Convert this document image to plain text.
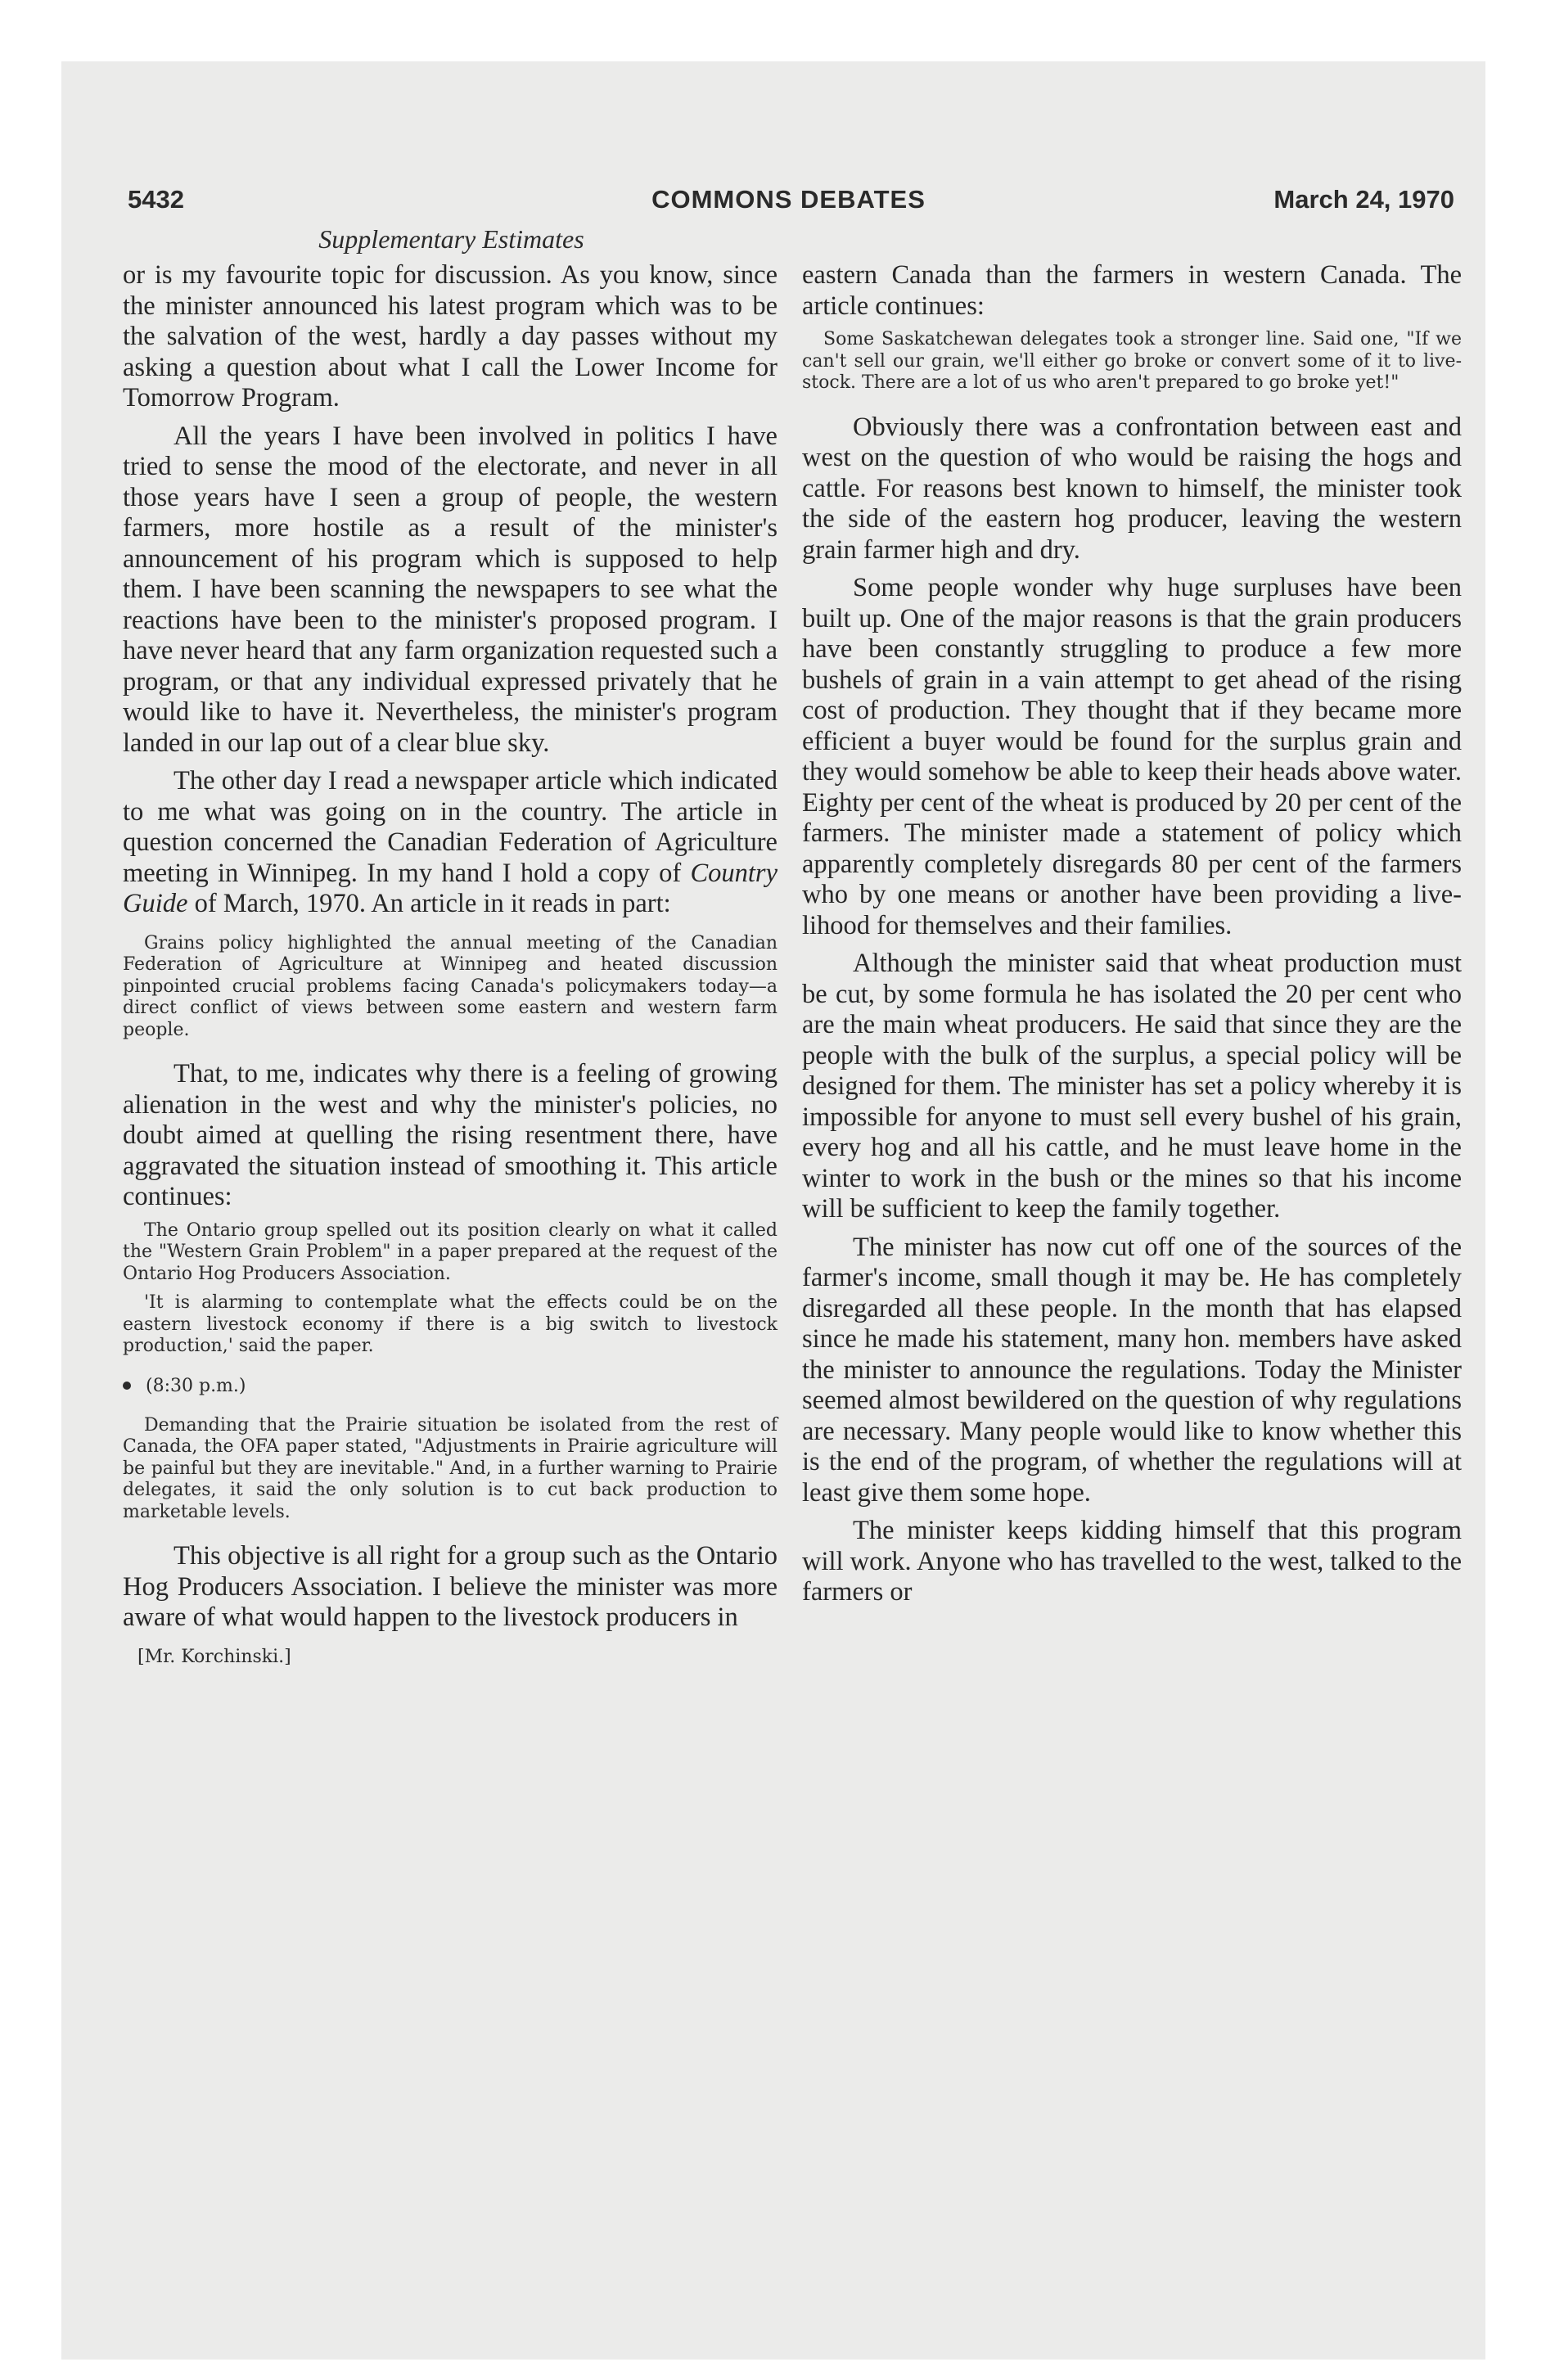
5432	COMMONS DEBATES	March 24, 1970
Supplementary Estimates

or is my favourite topic for discussion. As you know, since the minister announced his latest program which was to be the salvation of the west, hardly a day passes without my asking a question about what I call the Lower Income for Tomorrow Program.

All the years I have been involved in politics I have tried to sense the mood of the electorate, and never in all those years have I seen a group of people, the western farmers, more hostile as a result of the minister's announcement of his program which is supposed to help them. I have been scanning the newspapers to see what the reactions have been to the minister's proposed program. I have never heard that any farm organization requested such a program, or that any individual expressed privately that he would like to have it. Nevertheless, the minister's program landed in our lap out of a clear blue sky.

The other day I read a newspaper article which indicated to me what was going on in the country. The article in question concerned the Canadian Federation of Agriculture meeting in Winnipeg. In my hand I hold a copy of Country Guide of March, 1970. An article in it reads in part:

Grains policy highlighted the annual meeting of the Canadian Federation of Agriculture at Winnipeg and heated discussion pinpointed crucial problems facing Canada's policymakers today—a direct conflict of views between some eastern and western farm people.

That, to me, indicates why there is a feeling of growing alienation in the west and why the minister's policies, no doubt aimed at quelling the rising resentment there, have aggravated the situation instead of smoothing it. This article continues:

The Ontario group spelled out its position clearly on what it called the "Western Grain Problem" in a paper prepared at the request of the Ontario Hog Producers Association.

'It is alarming to contemplate what the effects could be on the eastern livestock economy if there is a big switch to livestock production,' said the paper.

(8:30 p.m.)

Demanding that the Prairie situation be isolated from the rest of Canada, the OFA paper stated, "Adjustments in Prairie agriculture will be painful but they are inevitable." And, in a further warning to Prairie delegates, it said the only solution is to cut back production to marketable levels.

This objective is all right for a group such as the Ontario Hog Producers Association. I believe the minister was more aware of what would happen to the livestock producers in

[Mr. Korchinski.]

eastern Canada than the farmers in western Canada. The article continues:

Some Saskatchewan delegates took a stronger line. Said one, "If we can't sell our grain, we'll either go broke or convert some of it to livestock. There are a lot of us who aren't prepared to go broke yet!"

Obviously there was a confrontation between east and west on the question of who would be raising the hogs and cattle. For reasons best known to himself, the minister took the side of the eastern hog producer, leaving the western grain farmer high and dry.

Some people wonder why huge surpluses have been built up. One of the major reasons is that the grain producers have been constantly struggling to produce a few more bushels of grain in a vain attempt to get ahead of the rising cost of production. They thought that if they became more efficient a buyer would be found for the surplus grain and they would somehow be able to keep their heads above water. Eighty per cent of the wheat is produced by 20 per cent of the farmers. The minister made a statement of policy which apparently completely disregards 80 per cent of the farmers who by one means or another have been providing a livelihood for themselves and their families.

Although the minister said that wheat production must be cut, by some formula he has isolated the 20 per cent who are the main wheat producers. He said that since they are the people with the bulk of the surplus, a special policy will be designed for them. The minister has set a policy whereby it is impossible for anyone to must sell every bushel of his grain, every hog and all his cattle, and he must leave home in the winter to work in the bush or the mines so that his income will be sufficient to keep the family together.

The minister has now cut off one of the sources of the farmer's income, small though it may be. He has completely disregarded all these people. In the month that has elapsed since he made his statement, many hon. members have asked the minister to announce the regulations. Today the Minister seemed almost bewildered on the question of why regulations are necessary. Many people would like to know whether this is the end of the program, of whether the regulations will at least give them some hope.

The minister keeps kidding himself that this program will work. Anyone who has travelled to the west, talked to the farmers or
